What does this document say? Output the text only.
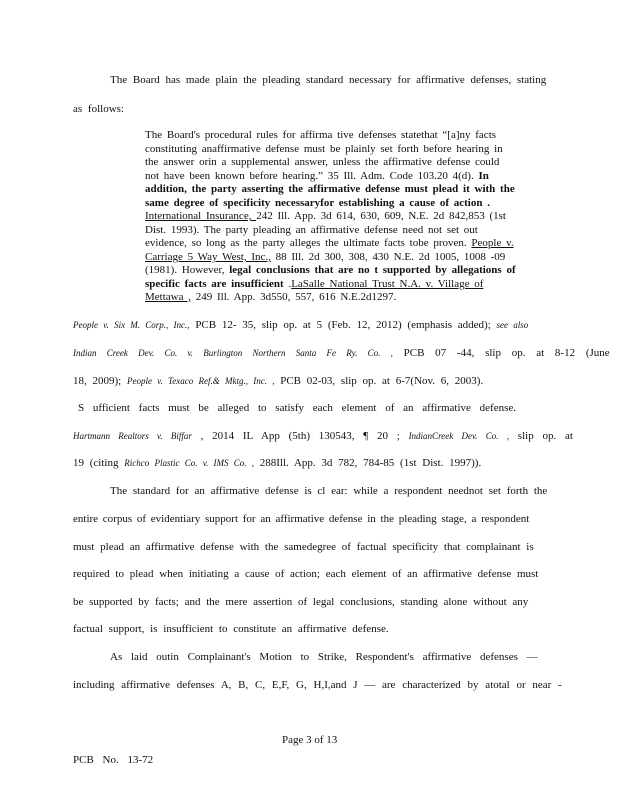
The Board has made plain the pleading standard necessary for affirmative defenses, stating
as follows:
The Board's procedural rules for affirma tive defenses statethat “[a]ny facts
constituting anaffirmative defense must be plainly set forth before hearing in
the answer orin a supplemental answer, unless the affirmative defense could
not have been known before hearing.” 35 Ill. Adm. Code 103.20 4(d). In
addition, the party asserting the affirmative defense must plead it with the
same degree of specificity necessaryfor establishing a cause of action .
International Insurance, 242 Ill. App. 3d 614, 630, 609, N.E. 2d 842,853 (1st
Dist. 1993). The party pleading an affirmative defense need not set out
evidence, so long as the party alleges the ultimate facts tobe proven. People v.
Carriage 5 Way West, Inc., 88 Ill. 2d 300, 308, 430 N.E. 2d 1005, 1008 -09
(1981). However, legal conclusions that are no t supported by allegations of
specific facts are insufficient .LaSalle National Trust N.A. v. Village of
Mettawa , 249 Ill. App. 3d550, 557, 616 N.E.2d1297.
People v. Six M. Corp., Inc., PCB 12- 35, slip op. at 5 (Feb. 12, 2012) (emphasis added); see also
Indian Creek Dev. Co. v. Burlington Northern Santa Fe Ry. Co. , PCB 07 -44, slip op. at 8-12 (June
18, 2009); People v. Texaco Ref.& Mktg., Inc. , PCB 02-03, slip op. at 6-7(Nov. 6, 2003).
S ufficient facts must be alleged to satisfy each element of an affirmative defense.
Hartmann Realtors v. Biffar , 2014 IL App (5th) 130543, ¶ 20 ; IndianCreek Dev. Co. , slip op. at
19 (citing Richco Plastic Co. v. IMS Co. , 288Ill. App. 3d 782, 784-85 (1st Dist. 1997)).
The standard for an affirmative defense is cl ear: while a respondent neednot set forth the
entire corpus of evidentiary support for an affirmative defense in the pleading stage, a respondent
must plead an affirmative defense with the samedegree of factual specificity that complainant is
required to plead when initiating a cause of action; each element of an affirmative defense must
be supported by facts; and the mere assertion of legal conclusions, standing alone without any
factual support, is insufficient to constitute an affirmative defense.
As laid outin Complainant's Motion to Strike, Respondent's affirmative defenses —
including affirmative defenses A, B, C, E,F, G, H,I,and J — are characterized by atotal or near -
Page 3 of 13
PCB No. 13-72
